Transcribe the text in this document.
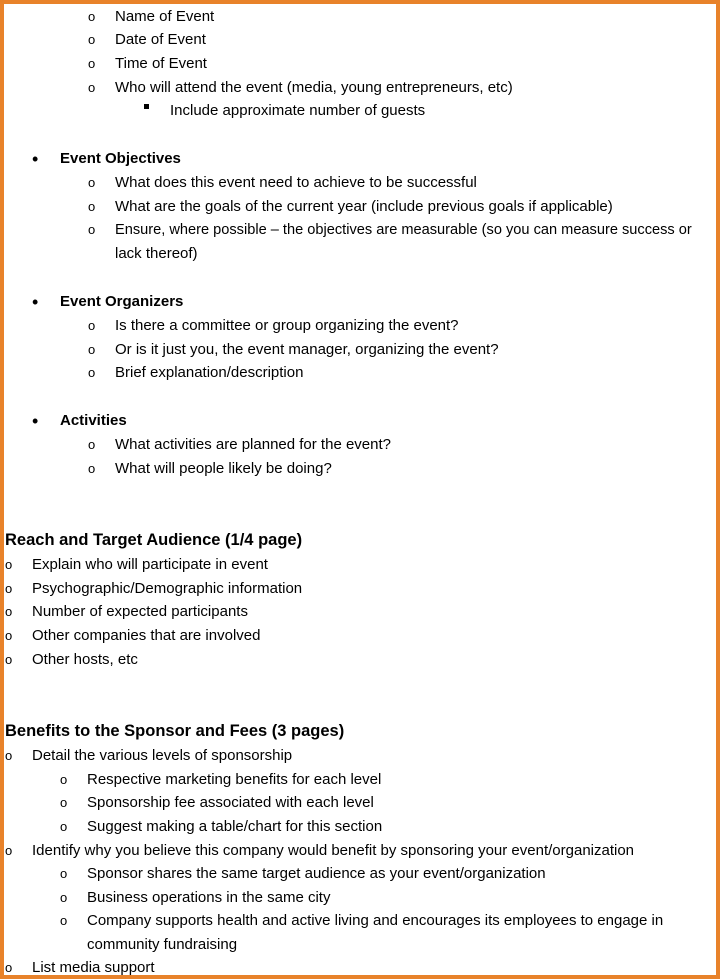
o Name of Event
o Date of Event
o Time of Event
o Who will attend the event (media, young entrepreneurs, etc)
Include approximate number of guests
• Event Objectives
o What does this event need to achieve to be successful
o What are the goals of the current year (include previous goals if applicable)
o Ensure, where possible – the objectives are measurable (so you can measure success or
lack thereof)
• Event Organizers
o Is there a committee or group organizing the event?
o Or is it just you, the event manager, organizing the event?
o Brief explanation/description
• Activities
o What activities are planned for the event?
o What will people likely be doing?
Reach and Target Audience (1/4 page)
o Explain who will participate in event
o Psychographic/Demographic information
o Number of expected participants
o Other companies that are involved
o Other hosts, etc
Benefits to the Sponsor and Fees (3 pages)
o Detail the various levels of sponsorship
o Respective marketing benefits for each level
o Sponsorship fee associated with each level
o Suggest making a table/chart for this section
o Identify why you believe this company would benefit by sponsoring your event/organization
o Sponsor shares the same target audience as your event/organization
o Business operations in the same city
o Company supports health and active living and encourages its employees to engage in
community fundraising
o List media support
